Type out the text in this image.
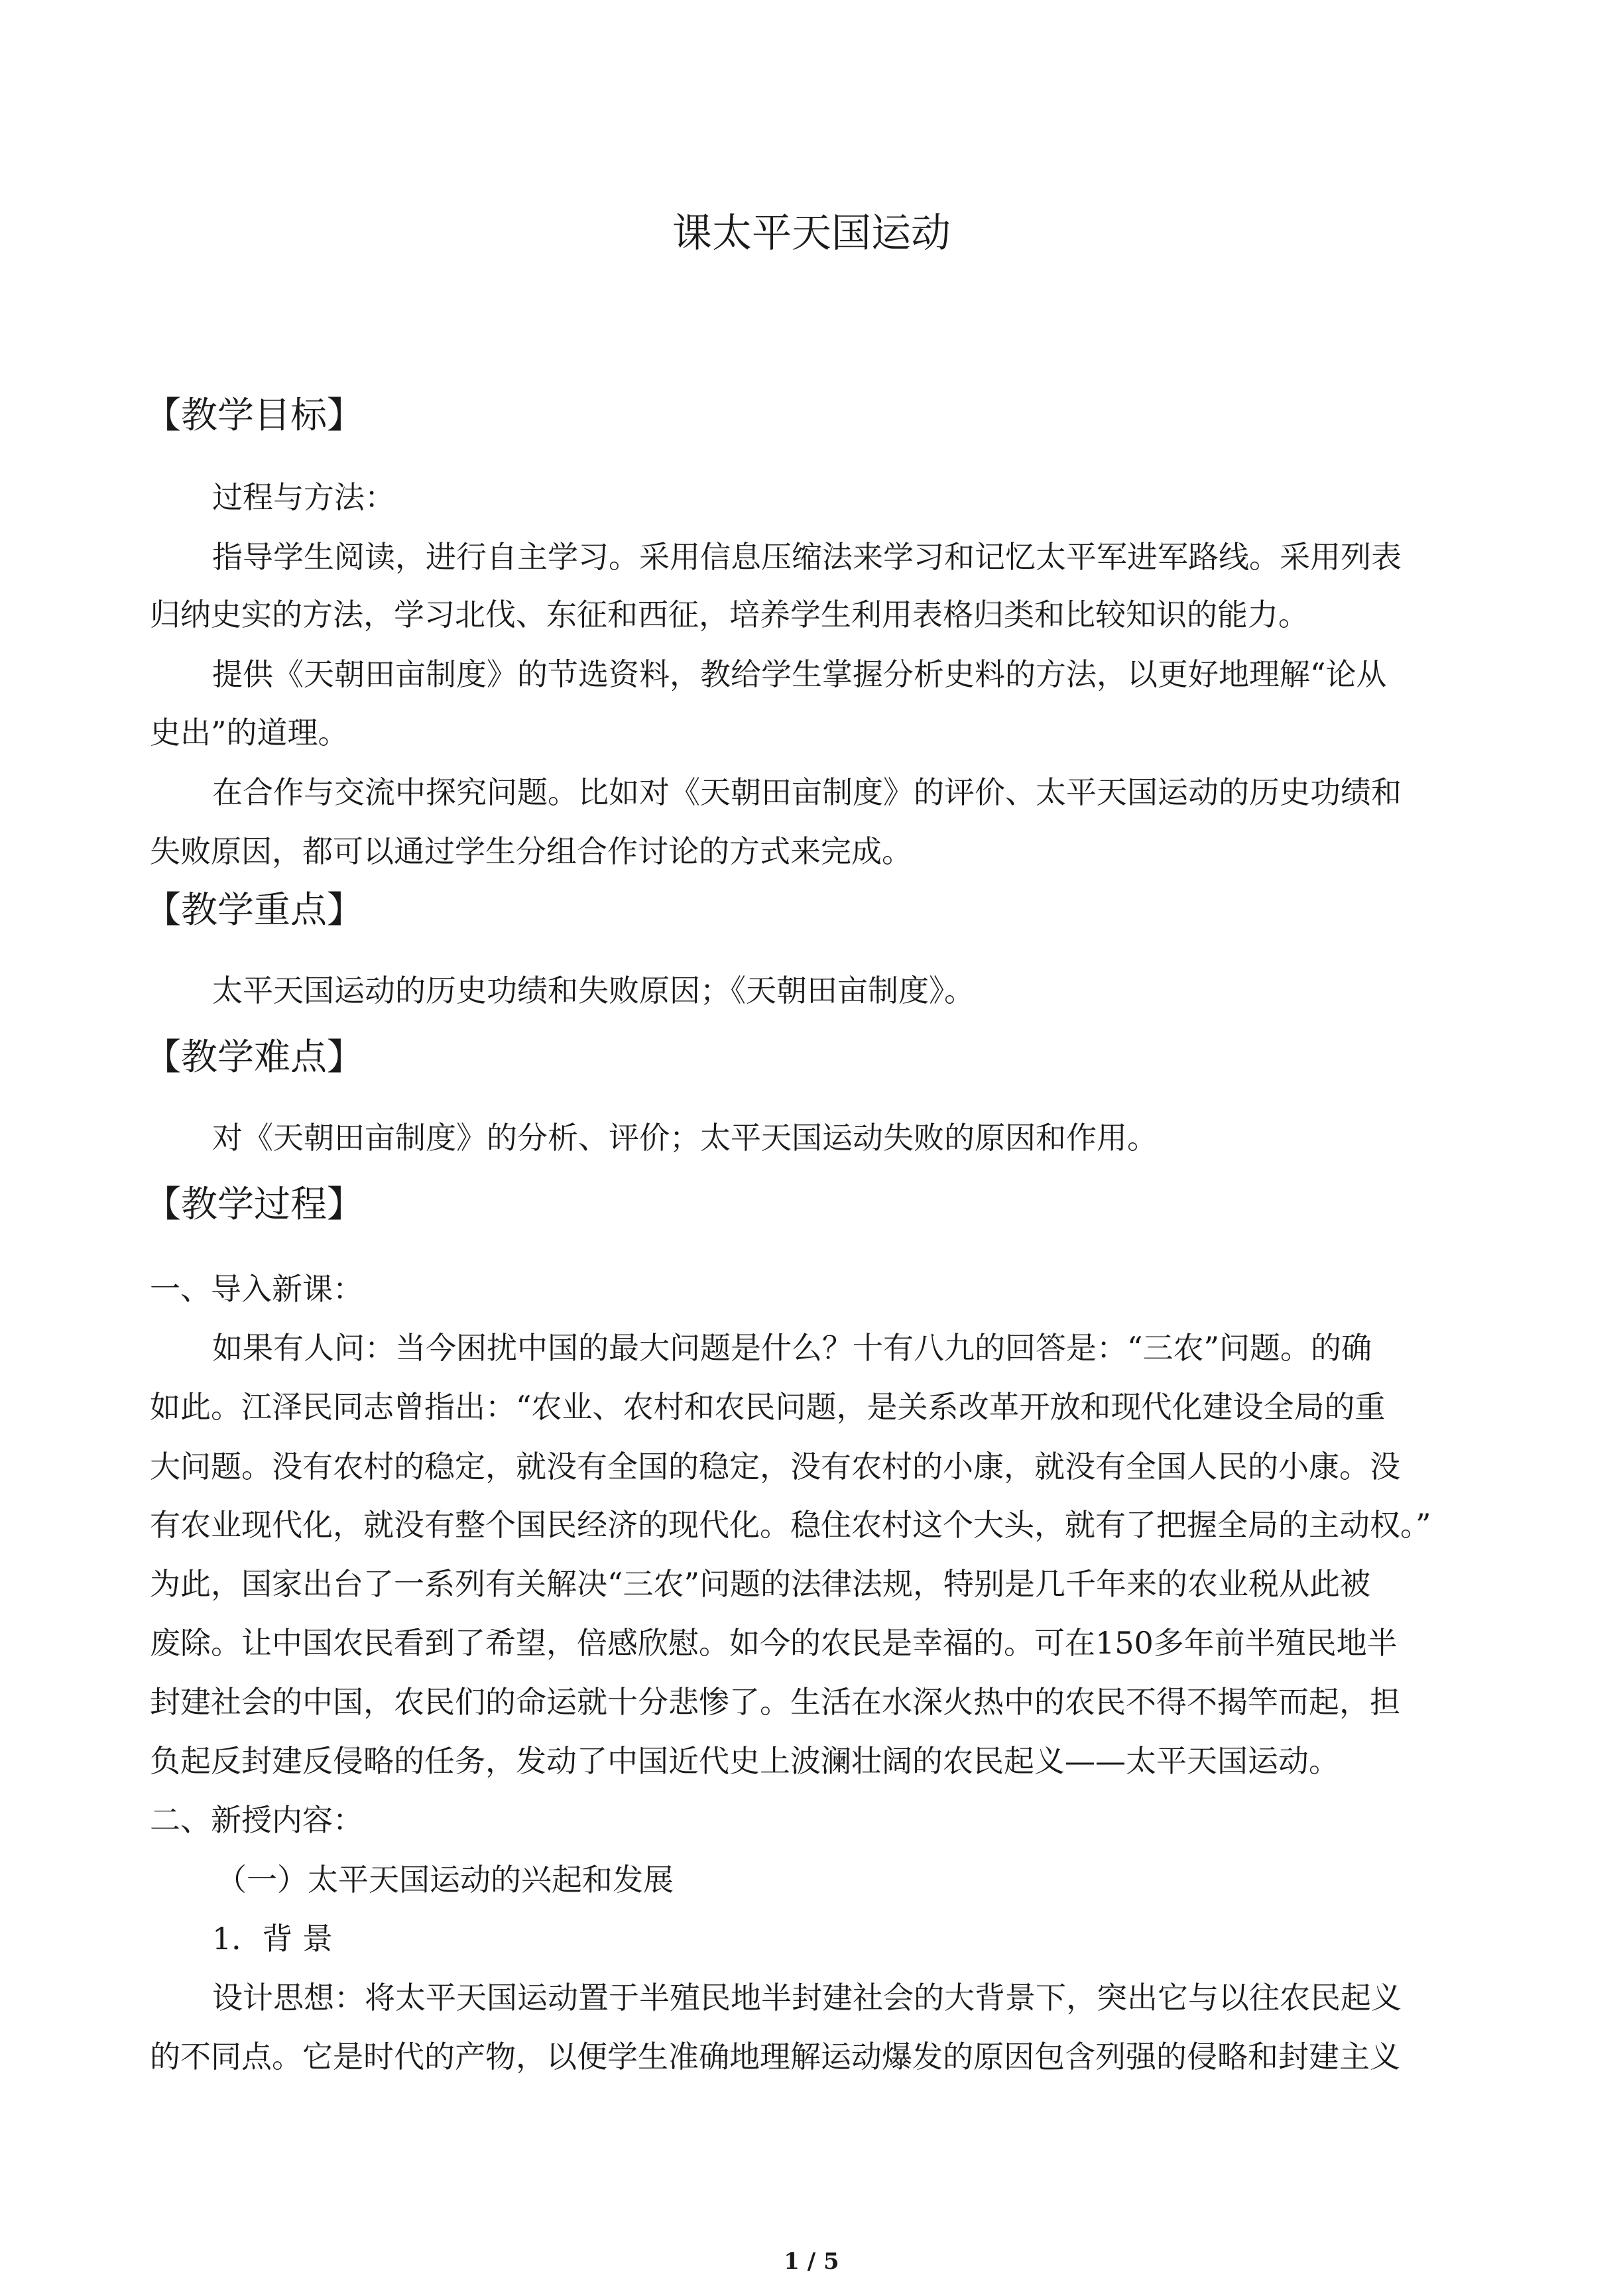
课太平天国运动
【教学目标】

过程与方法：

指导学生阅读，进行自主学习。采用信息压缩法来学习和记忆太平军进军路线。采用列表

归纳史实的方法，学习北伐、东征和西征，培养学生利用表格归类和比较知识的能力。

提供《天朝田亩制度》的节选资料，教给学生掌握分析史料的方法，以更好地理解“论从

史出”的道理。

在合作与交流中探究问题。比如对《天朝田亩制度》的评价、太平天国运动的历史功绩和

失败原因，都可以通过学生分组合作讨论的方式来完成。

【教学重点】

太平天国运动的历史功绩和失败原因；《天朝田亩制度》。

【教学难点】

对《天朝田亩制度》的分析、评价；太平天国运动失败的原因和作用。

【教学过程】

一、导入新课：

如果有人问：当今困扰中国的最大问题是什么？十有八九的回答是：“三农”问题。的确

如此。江泽民同志曾指出：“农业、农村和农民问题，是关系改革开放和现代化建设全局的重

大问题。没有农村的稳定，就没有全国的稳定，没有农村的小康，就没有全国人民的小康。没

有农业现代化，就没有整个国民经济的现代化。稳住农村这个大头，就有了把握全局的主动权。”

为此，国家出台了一系列有关解决“三农”问题的法律法规，特别是几千年来的农业税从此被

废除。让中国农民看到了希望，倍感欣慰。如今的农民是幸福的。可在150多年前半殖民地半

封建社会的中国，农民们的命运就十分悲惨了。生活在水深火热中的农民不得不揭竿而起，担

负起反封建反侵略的任务，发动了中国近代史上波澜壮阔的农民起义——太平天国运动。

二、新授内容：

（一）太平天国运动的兴起和发展

1．背 景

设计思想：将太平天国运动置于半殖民地半封建社会的大背景下，突出它与以往农民起义

的不同点。它是时代的产物，以便学生准确地理解运动爆发的原因包含列强的侵略和封建主义

1 / 5
